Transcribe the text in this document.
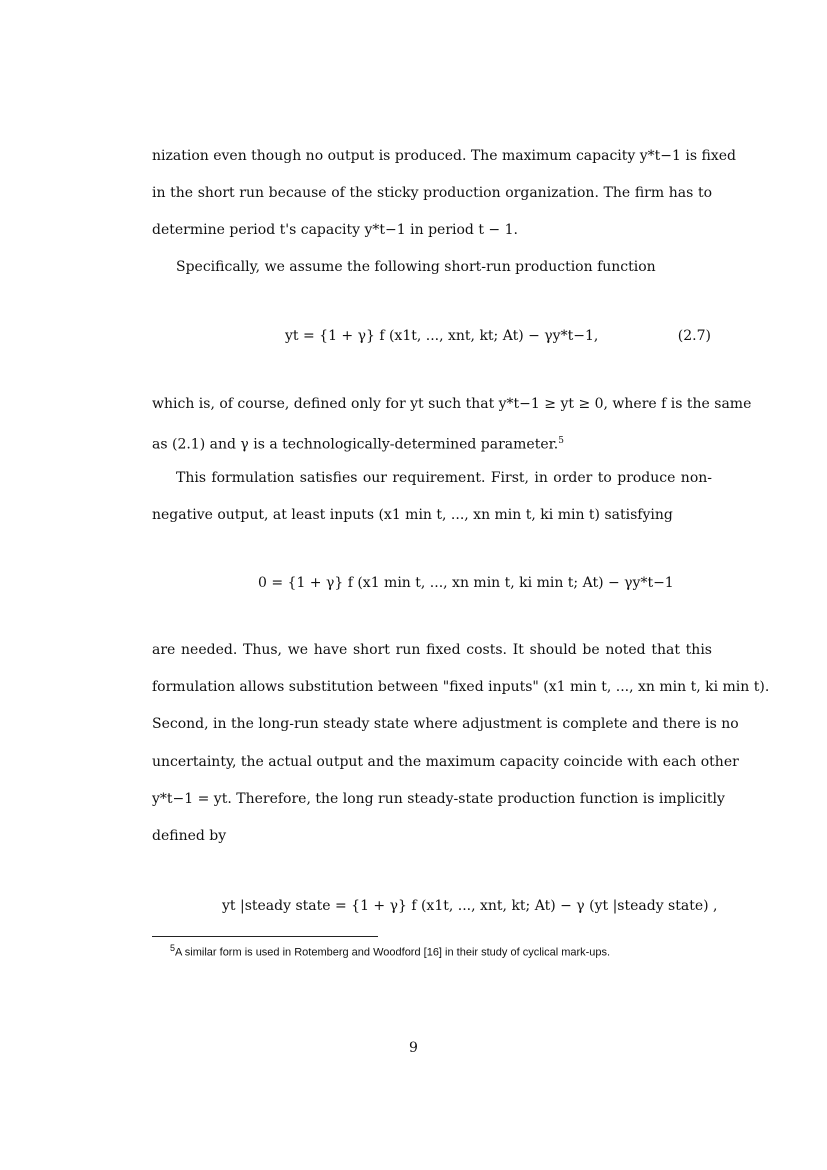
nization even though no output is produced. The maximum capacity y*t−1 is fixed
in the short run because of the sticky production organization. The firm has to
determine period t's capacity y*t−1 in period t − 1.
Specifically, we assume the following short-run production function
yt = {1 + γ} f (x1t, ..., xnt, kt; At) − γy*t−1,	(2.7)
which is, of course, defined only for yt such that y*t−1 ≥ yt ≥ 0, where f is the same
as (2.1) and γ is a technologically-determined parameter.$^5$
This formulation satisfies our requirement. First, in order to produce non-
negative output, at least inputs (x1 min t, ..., xn min t, ki min t) satisfying
0 = {1 + γ} f (x1 min t, ..., xn min t, ki min t; At) − γy*t−1
are needed. Thus, we have short run fixed costs. It should be noted that this
formulation allows substitution between "fixed inputs" (x1 min t, ..., xn min t, ki min t).
Second, in the long-run steady state where adjustment is complete and there is no
uncertainty, the actual output and the maximum capacity coincide with each other
y*t−1 = yt. Therefore, the long run steady-state production function is implicitly
defined by
yt |steady state = {1 + γ} f (x1t, ..., xnt, kt; At) − γ (yt |steady state) ,
$^5$A similar form is used in Rotemberg and Woodford [16] in their study of cyclical mark-ups.
9
